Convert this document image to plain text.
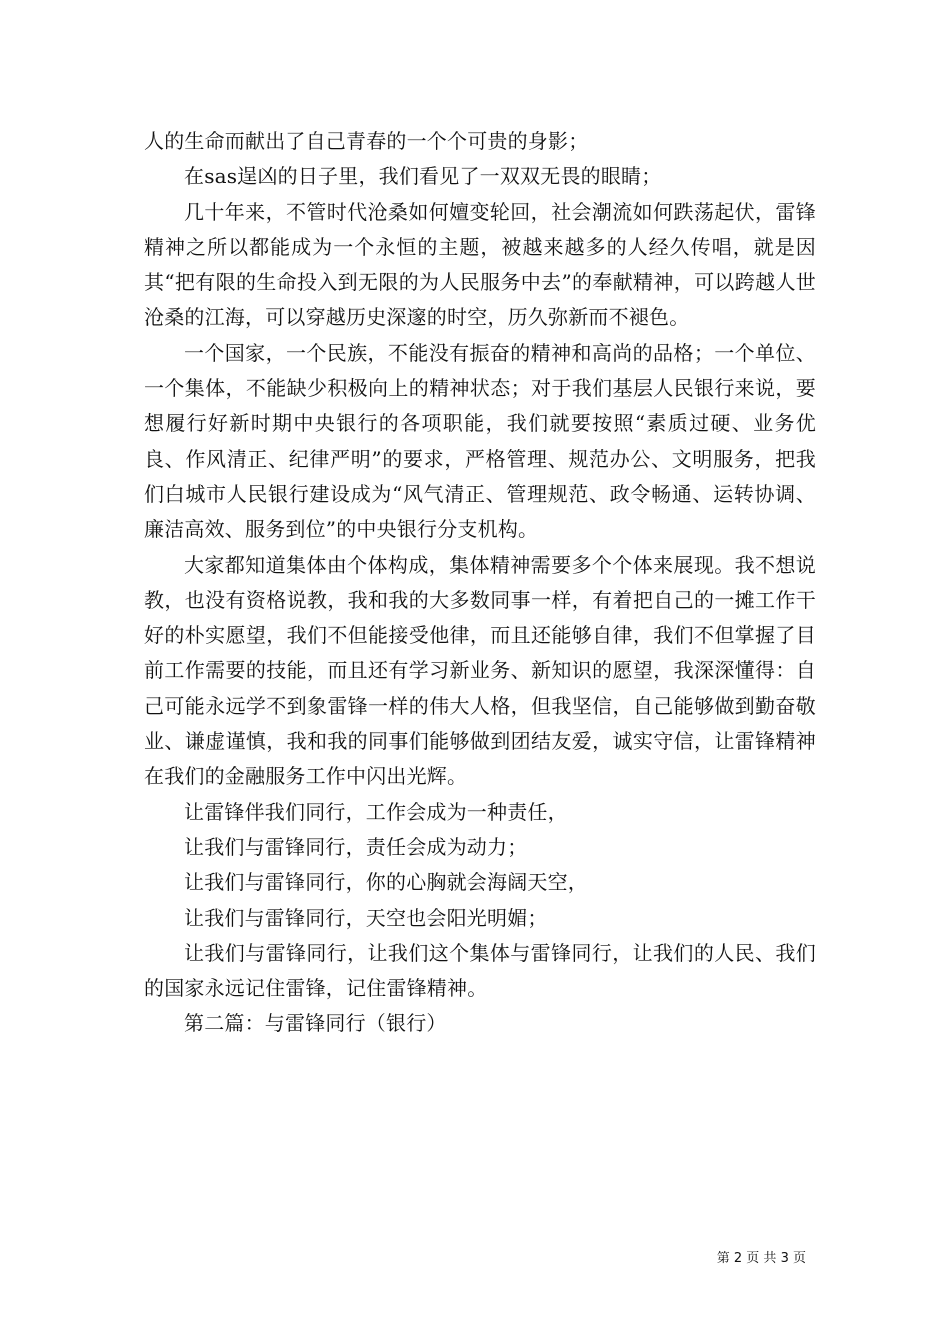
人的生命而献出了自己青春的一个个可贵的身影；

在sas逞凶的日子里，我们看见了一双双无畏的眼睛；

几十年来，不管时代沧桑如何嬗变轮回，社会潮流如何跌荡起伏，雷锋精神之所以都能成为一个永恒的主题，被越来越多的人经久传唱，就是因其“把有限的生命投入到无限的为人民服务中去”的奉献精神，可以跨越人世沧桑的江海，可以穿越历史深邃的时空，历久弥新而不褪色。

一个国家，一个民族，不能没有振奋的精神和高尚的品格；一个单位、一个集体，不能缺少积极向上的精神状态；对于我们基层人民银行来说，要想履行好新时期中央银行的各项职能，我们就要按照“素质过硬、业务优良、作风清正、纪律严明”的要求，严格管理、规范办公、文明服务，把我们白城市人民银行建设成为“风气清正、管理规范、政令畅通、运转协调、廉洁高效、服务到位”的中央银行分支机构。

大家都知道集体由个体构成，集体精神需要多个个体来展现。我不想说教，也没有资格说教，我和我的大多数同事一样，有着把自己的一摊工作干好的朴实愿望，我们不但能接受他律，而且还能够自律，我们不但掌握了目前工作需要的技能，而且还有学习新业务、新知识的愿望，我深深懂得：自己可能永远学不到象雷锋一样的伟大人格，但我坚信，自己能够做到勤奋敬业、谦虚谨慎，我和我的同事们能够做到团结友爱，诚实守信，让雷锋精神在我们的金融服务工作中闪出光辉。

让雷锋伴我们同行，工作会成为一种责任，

让我们与雷锋同行，责任会成为动力；

让我们与雷锋同行，你的心胸就会海阔天空，

让我们与雷锋同行，天空也会阳光明媚；

让我们与雷锋同行，让我们这个集体与雷锋同行，让我们的人民、我们的国家永远记住雷锋，记住雷锋精神。

第二篇：与雷锋同行（银行）

第 2 页 共 3 页
